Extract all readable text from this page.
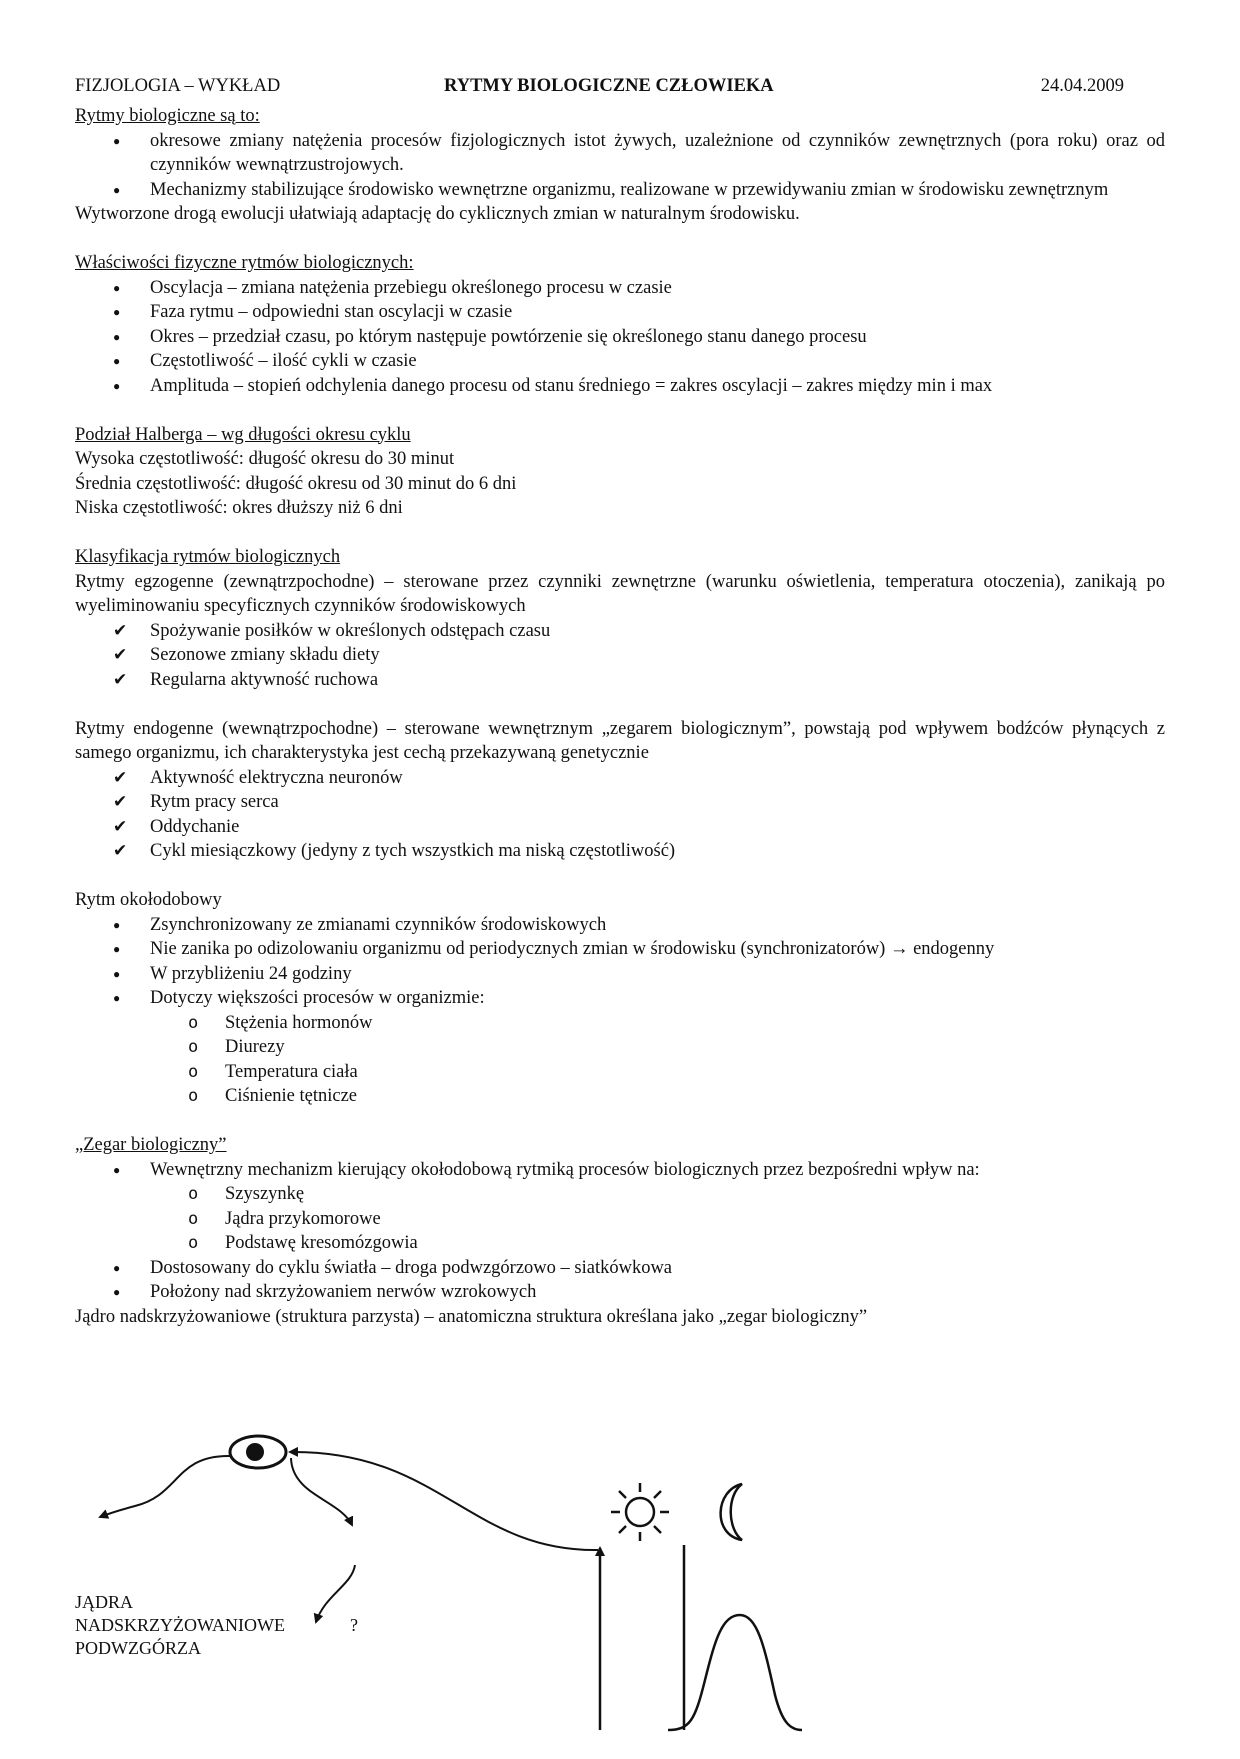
FIZJOLOGIA – WYKŁAD	RYTMY BIOLOGICZNE CZŁOWIEKA	24.04.2009
Rytmy biologiczne są to:
● okresowe zmiany natężenia procesów fizjologicznych istot żywych, uzależnione od czynników zewnętrznych (pora roku) oraz od czynników wewnątrzustrojowych.
● Mechanizmy stabilizujące środowisko wewnętrzne organizmu, realizowane w przewidywaniu zmian w środowisku zewnętrznym
Wytworzone drogą ewolucji ułatwiają adaptację do cyklicznych zmian w naturalnym środowisku.
Właściwości fizyczne rytmów biologicznych:
● Oscylacja – zmiana natężenia przebiegu określonego procesu w czasie
● Faza rytmu – odpowiedni stan oscylacji w czasie
● Okres – przedział czasu, po którym następuje powtórzenie się określonego stanu danego procesu
● Częstotliwość – ilość cykli w czasie
● Amplituda – stopień odchylenia danego procesu od stanu średniego = zakres oscylacji – zakres między min i max
Podział Halberga – wg długości okresu cyklu
Wysoka częstotliwość: długość okresu do 30 minut
Średnia częstotliwość: długość okresu od 30 minut do 6 dni
Niska częstotliwość: okres dłuższy niż 6 dni
Klasyfikacja rytmów biologicznych
Rytmy egzogenne (zewnątrzpochodne) – sterowane przez czynniki zewnętrzne (warunku oświetlenia, temperatura otoczenia), zanikają po wyeliminowaniu specyficznych czynników środowiskowych
✔ Spożywanie posiłków w określonych odstępach czasu
✔ Sezonowe zmiany składu diety
✔ Regularna aktywność ruchowa
Rytmy endogenne (wewnątrzpochodne) – sterowane wewnętrznym „zegarem biologicznym”, powstają pod wpływem bodźców płynących z samego organizmu, ich charakterystyka jest cechą przekazywaną genetycznie
✔ Aktywność elektryczna neuronów
✔ Rytm pracy serca
✔ Oddychanie
✔ Cykl miesiączkowy (jedyny z tych wszystkich ma niską częstotliwość)
Rytm okołodobowy
● Zsynchronizowany ze zmianami czynników środowiskowych
● Nie zanika po odizolowaniu organizmu od periodycznych zmian w środowisku (synchronizatorów) → endogenny
● W przybliżeniu 24 godziny
● Dotyczy większości procesów w organizmie:
o Stężenia hormonów
o Diurezy
o Temperatura ciała
o Ciśnienie tętnicze
„Zegar biologiczny”
● Wewnętrzny mechanizm kierujący okołodobową rytmiką procesów biologicznych przez bezpośredni wpływ na:
o Szyszynkę
o Jądra przykomorowe
o Podstawę kresomózgowia
● Dostosowany do cyklu światła – droga podwzgórzowo – siatkówkowa
● Położony nad skrzyżowaniem nerwów wzrokowych
Jądro nadskrzyżowaniowe (struktura parzysta) – anatomiczna struktura określana jako „zegar biologiczny”
JĄDRA
NADSKRZYŻOWANIOWE
PODWZGÓRZA
?
